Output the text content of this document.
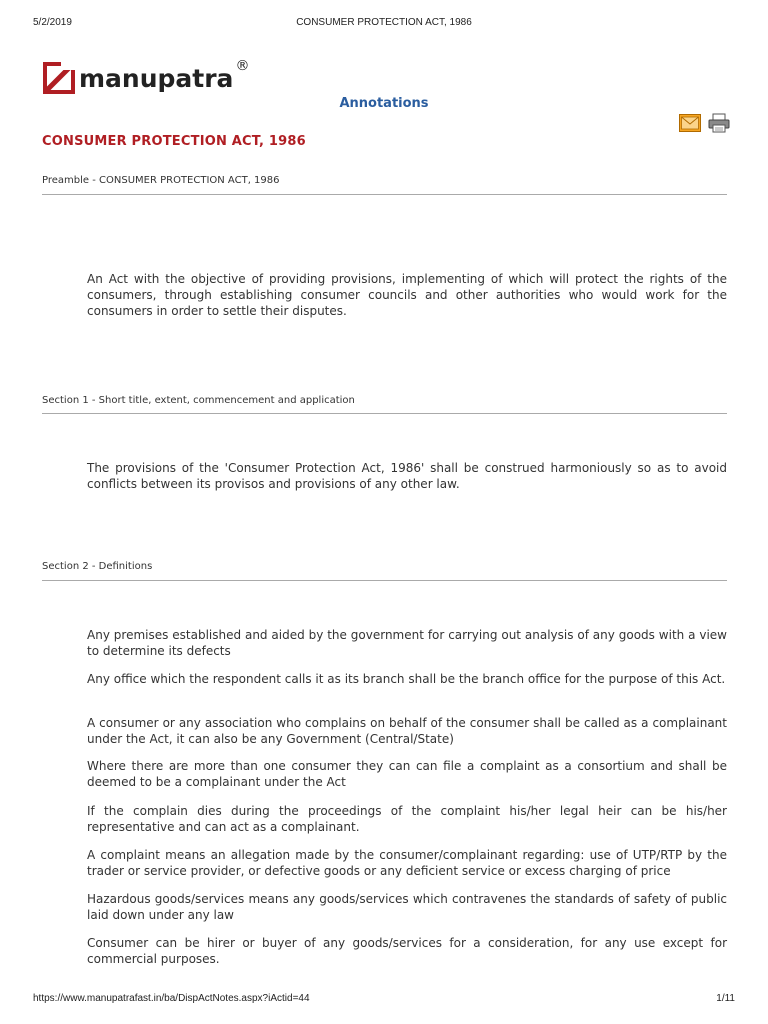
5/2/2019	CONSUMER PROTECTION ACT, 1986
manupatra ®
Annotations
CONSUMER PROTECTION ACT, 1986
Preamble - CONSUMER PROTECTION ACT, 1986
An Act with the objective of providing provisions, implementing of which will protect the rights of the consumers, through establishing consumer councils and other authorities who would work for the consumers in order to settle their disputes.
Section 1 - Short title, extent, commencement and application
The provisions of the 'Consumer Protection Act, 1986' shall be construed harmoniously so as to avoid conflicts between its provisos and provisions of any other law.
Section 2 - Definitions
Any premises established and aided by the government for carrying out analysis of any goods with a view to determine its defects
Any office which the respondent calls it as its branch shall be the branch office for the purpose of this Act.
A consumer or any association who complains on behalf of the consumer shall be called as a complainant under the Act, it can also be any Government (Central/State)
Where there are more than one consumer they can can file a complaint as a consortium and shall be deemed to be a complainant under the Act
If the complain dies during the proceedings of the complaint his/her legal heir can be his/her representative and can act as a complainant.
A complaint means an allegation made by the consumer/complainant regarding: use of UTP/RTP by the trader or service provider, or defective goods or any deficient service or excess charging of price
Hazardous goods/services means any goods/services which contravenes the standards of safety of public laid down under any law
Consumer can be hirer or buyer of any goods/services for a consideration, for any use except for commercial purposes.
https://www.manupatrafast.in/ba/DispActNotes.aspx?iActid=44	1/11
